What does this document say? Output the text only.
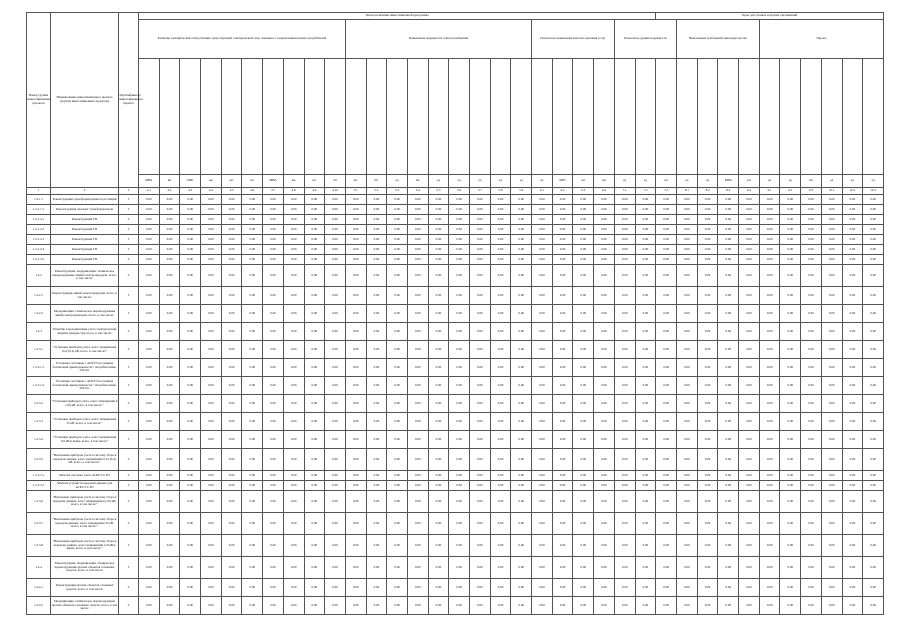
Номер группы инвестиционных проектов	Наименование инвестиционного проекта (группы инвестиционных проектов)	Идентификатор инвестиционного проекта	Цели реализации инвестиционной программы																									Цели для сетевых и прочих организаций										
			Развитие электрической сети/усиление существующей электрической сети, связанное с подключением новых потребителей										Повышение надежности электроснабжения									Показатель повышения качества оказания услуг				Показатель уровня надежности			Выполнение требований законодательства				Прочее					

			МВА	км	МВт	км	шт	шт	МВА	км	шт	шт	шт	шт	ед	шт	ед	ед	ед	ед	ед	ед	МВт	шт	км	ед	ед	шт	ед	ед	МВА	км	ед	ед	шт	ед	ед	ед
1	2	3	4.1	4.2	4.3	4.4	4.5	4.6	4.7	4.8	4.9	4.10	5.1	5.2	5.3	5.4	5.5	5.6	5.7	5.8	5.9	6.1	6.2	6.3	6.4	7.1	7.2	7.3	8.1	8.2	8.3	8.4	9.1	9.2	9.3	10.1	10.2	10.3
1.2.1.1	Реконструкция трансформаторных подстанций	Г	0.00	0.00	0.00	0.00	0.00	0.00	0.00	0.00	0.00	0.00	0.00	0.00	0.00	0.00	0.00	0.00	0.00	0.00	0.00	0.00	0.00	0.00	0.00	0.00	0.00	0.00	0.00	0.00	0.00	0.00	0.00	0.00	0.00	0.00	0.00	0.00
1.2.1.1.1	Реконструкция силовых трансформаторов	Г	0.00	0.00	0.00	0.00	0.00	0.00	0.00	0.00	0.00	0.00	0.00	0.00	0.00	0.00	0.00	0.00	0.00	0.00	0.00	0.00	0.00	0.00	0.00	0.00	0.00	0.00	0.00	0.00	0.00	0.00	0.00	0.00	0.00	0.00	0.00	0.00
1.2.1.2.1	Реконструкция ТП	Г	0.00	0.00	0.00	0.00	0.00	0.00	0.00	0.00	0.00	0.00	0.00	0.00	0.00	0.00	0.00	0.00	0.00	0.00	0.00	0.00	0.00	0.00	0.00	0.00	0.00	0.00	0.00	0.00	0.00	0.00	0.00	0.00	0.00	0.00	0.00	0.00
1.2.1.2.2	Реконструкция ТП	Г	0.00	0.00	0.00	0.00	0.00	0.00	0.00	0.00	0.00	0.00	0.00	0.00	0.00	0.00	0.00	0.00	0.00	0.00	0.00	0.00	0.00	0.00	0.00	0.00	0.00	0.00	0.00	0.00	0.00	0.00	0.00	0.00	0.00	0.00	0.00	0.00
1.2.1.2.3	Реконструкция ТП	Г	0.00	0.00	0.00	0.00	0.00	0.00	0.00	0.00	0.00	0.00	0.00	0.00	0.00	0.00	0.00	0.00	0.00	0.00	0.00	0.00	0.00	0.00	0.00	0.00	0.00	0.00	0.00	0.00	0.00	0.00	0.00	0.00	0.00	0.00	0.00	0.00
1.2.1.2.4	Реконструкция ТП	Г	0.00	0.00	0.00	0.00	0.00	0.00	0.00	0.00	0.00	0.00	0.00	0.00	0.00	0.00	0.00	0.00	0.00	0.00	0.00	0.00	0.00	0.00	0.00	0.00	0.00	0.00	0.00	0.00	0.00	0.00	0.00	0.00	0.00	0.00	0.00	0.00
1.2.1.2.5	Реконструкция ТП	Г	0.00	0.00	0.00	0.00	0.00	0.00	0.00	0.00	0.00	0.00	0.00	0.00	0.00	0.00	0.00	0.00	0.00	0.00	0.00	0.00	0.00	0.00	0.00	0.00	0.00	0.00	0.00	0.00	0.00	0.00	0.00	0.00	0.00	0.00	0.00	0.00
1.2.2	Реконструкция, модернизация, техническое перевооружение линий электропередачи, всего, в том числе:	Г	0.00	0.00	0.00	0.00	0.00	0.00	0.00	0.00	0.00	0.00	0.00	0.00	0.00	0.00	0.00	0.00	0.00	0.00	0.00	0.00	0.00	0.00	0.00	0.00	0.00	0.00	0.00	0.00	0.00	0.00	0.00	0.00	0.00	0.00	0.00	0.00
1.2.2.1	Реконструкция линий электропередачи, всего, в том числе:	Г	0.00	0.00	0.00	0.00	0.00	0.00	0.00	0.00	0.00	0.00	0.00	0.00	0.00	0.00	0.00	0.00	0.00	0.00	0.00	0.00	0.00	0.00	0.00	0.00	0.00	0.00	0.00	0.00	0.00	0.00	0.00	0.00	0.00	0.00	0.00	0.00
1.2.2.2	Модернизация, техническое перевооружение линий электропередачи, всего, в том числе:	Г	0.00	0.00	0.00	0.00	0.00	0.00	0.00	0.00	0.00	0.00	0.00	0.00	0.00	0.00	0.00	0.00	0.00	0.00	0.00	0.00	0.00	0.00	0.00	0.00	0.00	0.00	0.00	0.00	0.00	0.00	0.00	0.00	0.00	0.00	0.00	0.00
1.2.3	Развитие и модернизация учета электрической энергии (мощности), всего, в том числе:	Г	0.00	0.00	0.00	0.00	0.00	0.00	0.00	0.00	0.00	0.00	0.00	0.00	0.00	0.00	0.00	0.00	0.00	0.00	0.00	0.00	0.00	0.00	0.00	0.00	0.00	0.00	0.00	0.00	0.00	0.00	0.00	0.00	0.00	0.00	0.00	0.00
1.2.3.1	"Установка приборов учета, класс напряжения 0,22 (0,4) кВ, всего, в том числе:"	Г	0.00	0.00	0.00	0.00	0.00	0.00	0.00	0.00	0.00	0.00	0.00	0.00	0.00	0.00	0.00	0.00	0.00	0.00	0.00	0.00	0.00	0.00	0.00	0.00	0.00	0.00	0.00	0.00	0.00	0.00	0.00	0.00	0.00	0.00	0.00	0.00
1.2.3.1.1	Установка счетчиков с АСКУЭ на границе балансовой принадлежности с потребителями, 200 шт.	Г	0.00	0.00	0.00	0.00	0.00	0.00	0.00	0.00	0.00	0.00	0.00	0.00	0.00	0.00	0.00	0.00	0.00	0.00	0.00	0.00	0.00	0.00	0.00	0.00	0.00	0.00	0.00	0.00	0.00	0.00	0.00	0.00	0.00	0.00	0.00	0.00
1.2.3.1.2	Установка счетчиков с АСКУЭ на границе балансовой принадлежности с потребителями, 200 шт.	Г	0.00	0.00	0.00	0.00	0.00	0.00	0.00	0.00	0.00	0.00	0.00	0.00	0.00	0.00	0.00	0.00	0.00	0.00	0.00	0.00	0.00	0.00	0.00	0.00	0.00	0.00	0.00	0.00	0.00	0.00	0.00	0.00	0.00	0.00	0.00	0.00
1.2.3.2	"Установка приборов учета, класс напряжения 6 (10) кВ, всего, в том числе:"	Г	0.00	0.00	0.00	0.00	0.00	0.00	0.00	0.00	0.00	0.00	0.00	0.00	0.00	0.00	0.00	0.00	0.00	0.00	0.00	0.00	0.00	0.00	0.00	0.00	0.00	0.00	0.00	0.00	0.00	0.00	0.00	0.00	0.00	0.00	0.00	0.00
1.2.3.3	"Установка приборов учета, класс напряжения 35 кВ, всего, в том числе:"	Г	0.00	0.00	0.00	0.00	0.00	0.00	0.00	0.00	0.00	0.00	0.00	0.00	0.00	0.00	0.00	0.00	0.00	0.00	0.00	0.00	0.00	0.00	0.00	0.00	0.00	0.00	0.00	0.00	0.00	0.00	0.00	0.00	0.00	0.00	0.00	0.00
1.2.3.4	"Установка приборов учета, класс напряжения 110 кВ и выше, всего, в том числе:"	Г	0.00	0.00	0.00	0.00	0.00	0.00	0.00	0.00	0.00	0.00	0.00	0.00	0.00	0.00	0.00	0.00	0.00	0.00	0.00	0.00	0.00	0.00	0.00	0.00	0.00	0.00	0.00	0.00	0.00	0.00	0.00	0.00	0.00	0.00	0.00	0.00
1.2.3.5	"Включение приборов учета в систему сбора и передачи данных, класс напряжения 0,22 (0,4) кВ, всего, в том числе:"	Г	0.00	0.00	0.00	0.00	0.00	0.00	0.00	0.00	0.00	0.00	0.00	0.00	0.00	0.00	0.00	0.00	0.00	0.00	0.00	0.00	0.00	0.00	0.00	0.00	0.00	0.00	0.00	0.00	0.00	0.00	0.00	0.00	0.00	0.00	0.00	0.00
1.2.3.5.1	Монтаж системы учета АСКУЭ в ТП	Г	0.00	0.00	0.00	0.00	0.00	0.00	0.00	0.00	0.00	0.00	0.00	0.00	0.00	0.00	0.00	0.00	0.00	0.00	0.00	0.00	0.00	0.00	0.00	0.00	0.00	0.00	0.00	0.00	0.00	0.00	0.00	0.00	0.00	0.00	0.00	0.00
1.2.3.5.2	Монтаж устройств передачи данных для АСКУЭ в ТП	Г	0.00	0.00	0.00	0.00	0.00	0.00	0.00	0.00	0.00	0.00	0.00	0.00	0.00	0.00	0.00	0.00	0.00	0.00	0.00	0.00	0.00	0.00	0.00	0.00	0.00	0.00	0.00	0.00	0.00	0.00	0.00	0.00	0.00	0.00	0.00	0.00
1.2.3.6	"Включение приборов учета в систему сбора и передачи данных, класс напряжения 6 (10) кВ, всего, в том числе:"	Г	0.00	0.00	0.00	0.00	0.00	0.00	0.00	0.00	0.00	0.00	0.00	0.00	0.00	0.00	0.00	0.00	0.00	0.00	0.00	0.00	0.00	0.00	0.00	0.00	0.00	0.00	0.00	0.00	0.00	0.00	0.00	0.00	0.00	0.00	0.00	0.00
1.2.3.7	"Включение приборов учета в систему сбора и передачи данных, класс напряжения 35 кВ, всего, в том числе:"	Г	0.00	0.00	0.00	0.00	0.00	0.00	0.00	0.00	0.00	0.00	0.00	0.00	0.00	0.00	0.00	0.00	0.00	0.00	0.00	0.00	0.00	0.00	0.00	0.00	0.00	0.00	0.00	0.00	0.00	0.00	0.00	0.00	0.00	0.00	0.00	0.00
1.2.3.8	"Включение приборов учета в систему сбора и передачи данных, класс напряжения 110 кВ и выше, всего, в том числе:"	Г	0.00	0.00	0.00	0.00	0.00	0.00	0.00	0.00	0.00	0.00	0.00	0.00	0.00	0.00	0.00	0.00	0.00	0.00	0.00	0.00	0.00	0.00	0.00	0.00	0.00	0.00	0.00	0.00	0.00	0.00	0.00	0.00	0.00	0.00	0.00	0.00
1.2.4	Реконструкция, модернизация, техническое перевооружение прочих объектов основных средств, всего, в том числе:	Г	0.00	0.00	0.00	0.00	0.00	0.00	0.00	0.00	0.00	0.00	0.00	0.00	0.00	0.00	0.00	0.00	0.00	0.00	0.00	0.00	0.00	0.00	0.00	0.00	0.00	0.00	0.00	0.00	0.00	0.00	0.00	0.00	0.00	0.00	0.00	0.00
1.2.4.1	Реконструкция прочих объектов основных средств, всего, в том числе:	Г	0.00	0.00	0.00	0.00	0.00	0.00	0.00	0.00	0.00	0.00	0.00	0.00	0.00	0.00	0.00	0.00	0.00	0.00	0.00	0.00	0.00	0.00	0.00	0.00	0.00	0.00	0.00	0.00	0.00	0.00	0.00	0.00	0.00	0.00	0.00	0.00
1.2.4.2	Модернизация, техническое перевооружение прочих объектов основных средств, всего, в том числе:	Г	0.00	0.00	0.00	0.00	0.00	0.00	0.00	0.00	0.00	0.00	0.00	0.00	0.00	0.00	0.00	0.00	0.00	0.00	0.00	0.00	0.00	0.00	0.00	0.00	0.00	0.00	0.00	0.00	0.00	0.00	0.00	0.00	0.00	0.00	0.00	0.00
